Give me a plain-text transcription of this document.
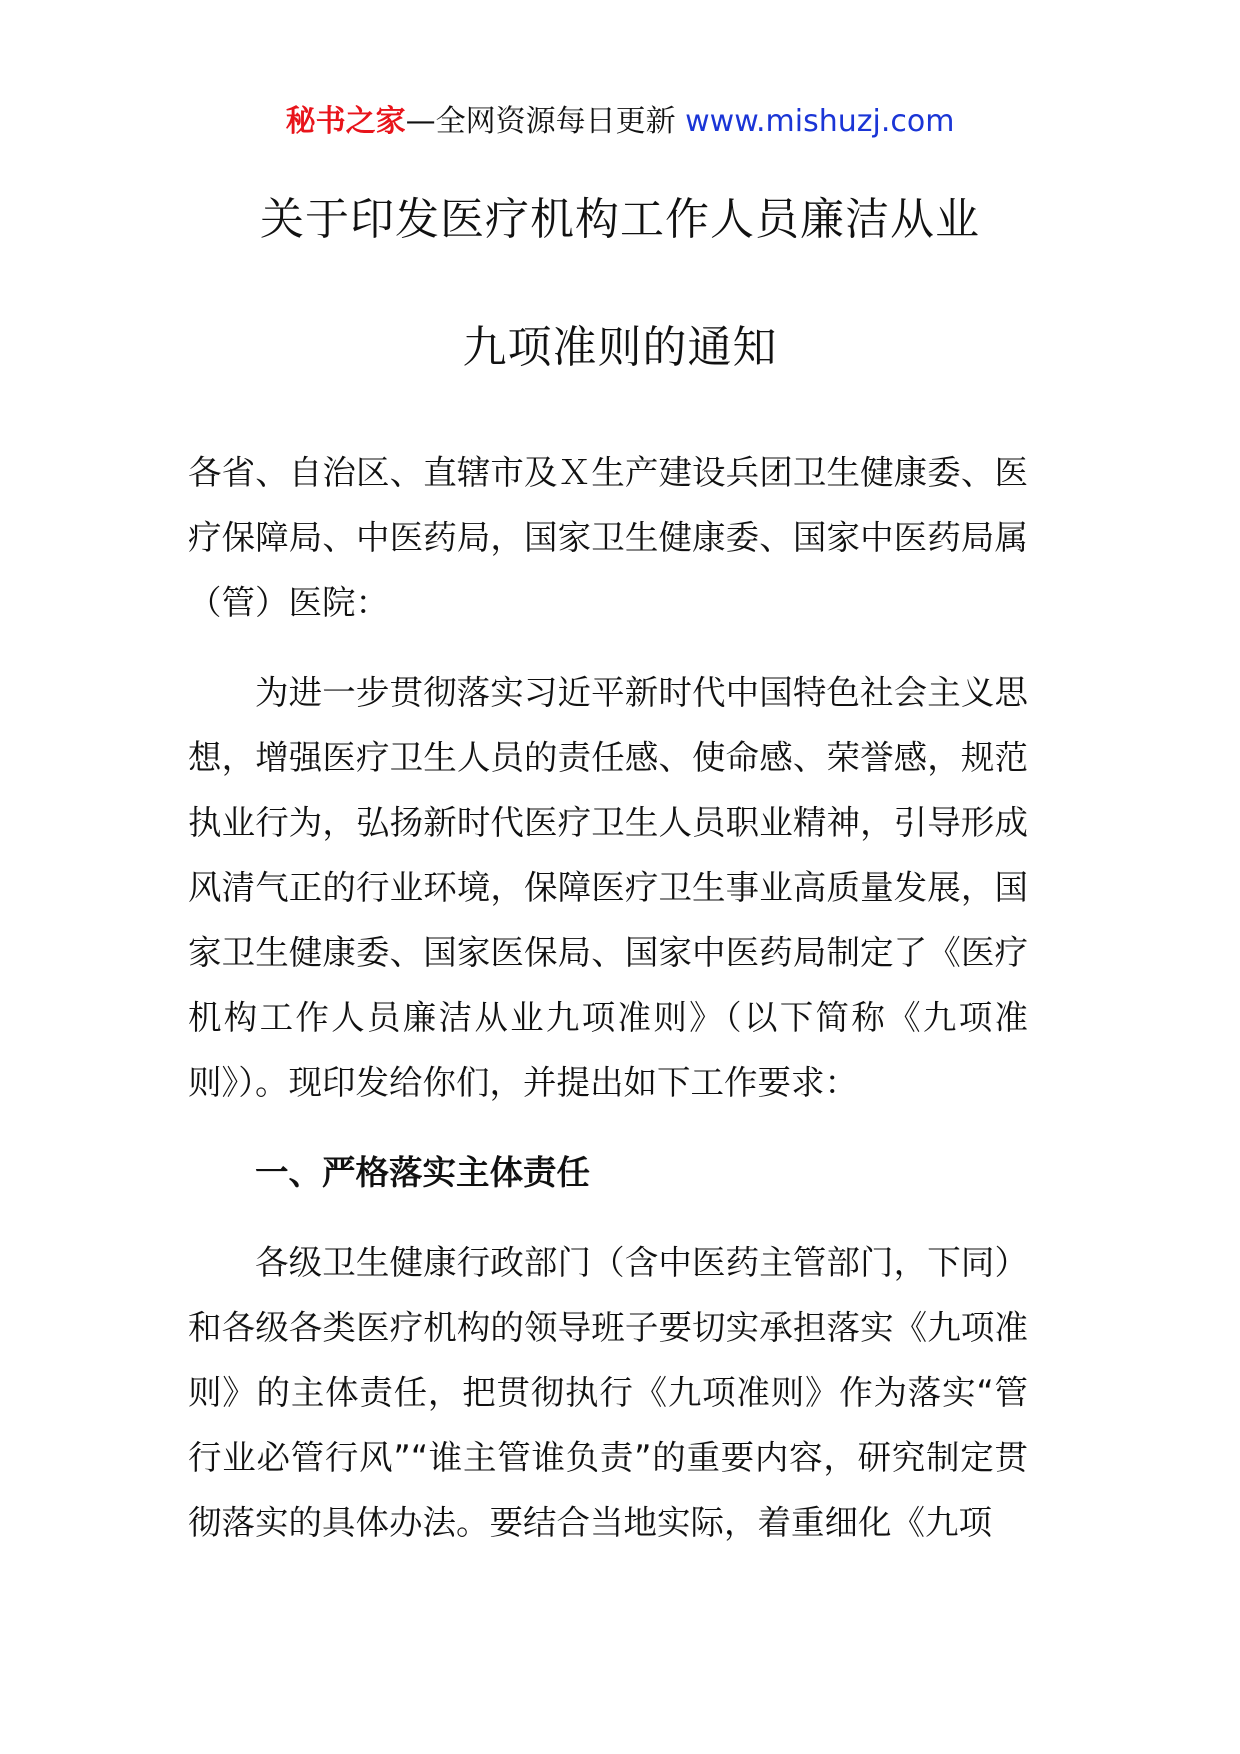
秘书之家—全网资源每日更新 www.mishuzj.com
关于印发医疗机构工作人员廉洁从业
九项准则的通知
各省、自治区、直辖市及Ｘ生产建设兵团卫生健康委、医疗保障局、中医药局，国家卫生健康委、国家中医药局属（管）医院：
为进一步贯彻落实习近平新时代中国特色社会主义思想，增强医疗卫生人员的责任感、使命感、荣誉感，规范执业行为，弘扬新时代医疗卫生人员职业精神，引导形成风清气正的行业环境，保障医疗卫生事业高质量发展，国家卫生健康委、国家医保局、国家中医药局制定了《医疗机构工作人员廉洁从业九项准则》（以下简称《九项准则》）。现印发给你们，并提出如下工作要求：
一、严格落实主体责任
各级卫生健康行政部门（含中医药主管部门，下同）和各级各类医疗机构的领导班子要切实承担落实《九项准则》的主体责任，把贯彻执行《九项准则》作为落实“管行业必管行风”“谁主管谁负责”的重要内容，研究制定贯彻落实的具体办法。要结合当地实际，着重细化《九项
